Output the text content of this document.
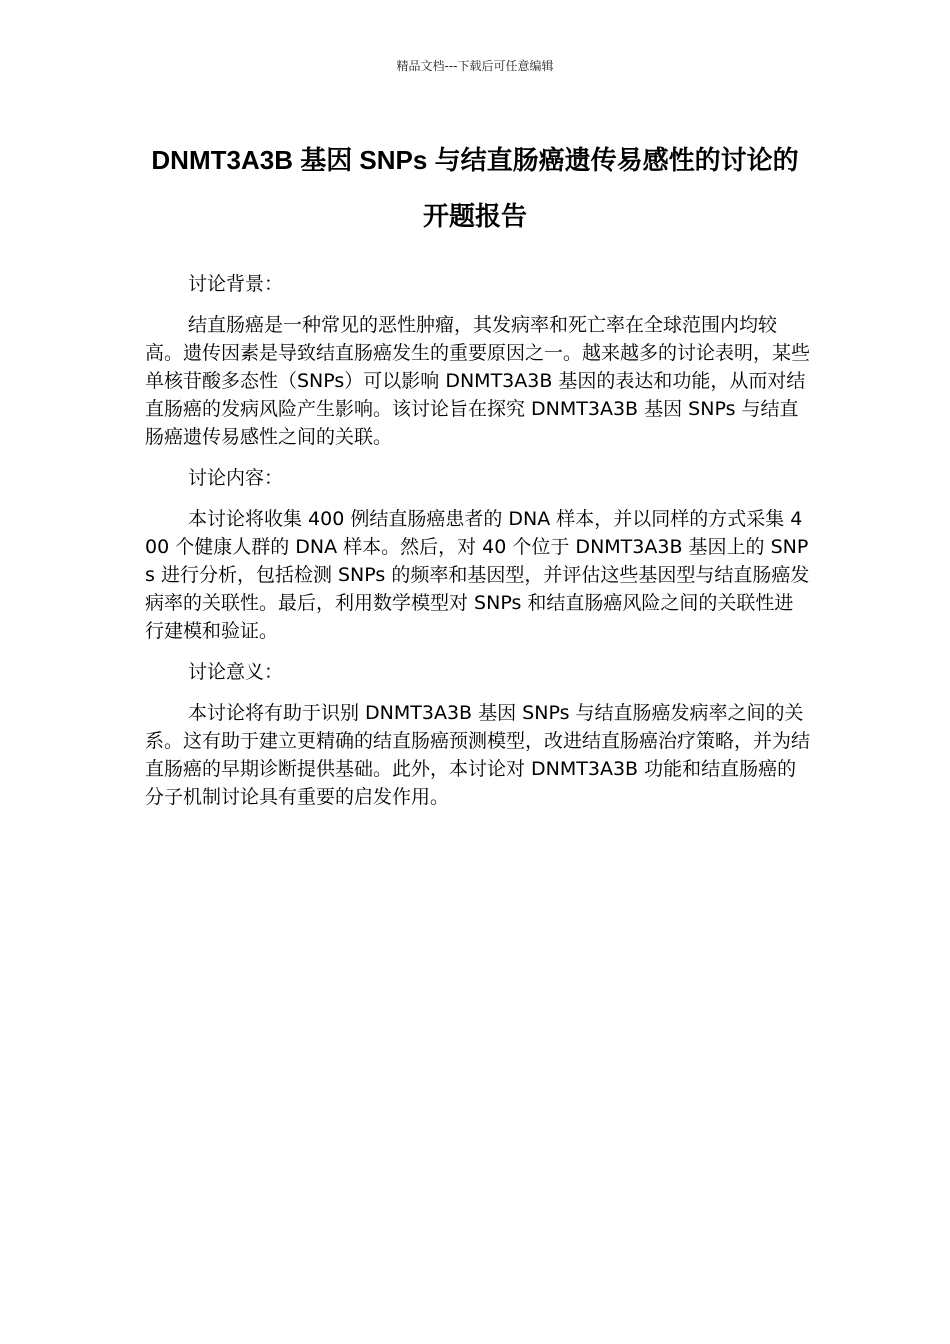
精品文档---下载后可任意编辑
DNMT3A3B 基因 SNPs 与结直肠癌遗传易感性的讨论的开题报告

讨论背景：

结直肠癌是一种常见的恶性肿瘤，其发病率和死亡率在全球范围内均较高。遗传因素是导致结直肠癌发生的重要原因之一。越来越多的讨论表明，某些单核苷酸多态性（SNPs）可以影响 DNMT3A3B 基因的表达和功能，从而对结直肠癌的发病风险产生影响。该讨论旨在探究 DNMT3A3B 基因 SNPs 与结直肠癌遗传易感性之间的关联。

讨论内容：

本讨论将收集 400 例结直肠癌患者的 DNA 样本，并以同样的方式采集 400 个健康人群的 DNA 样本。然后，对 40 个位于 DNMT3A3B 基因上的 SNPs 进行分析，包括检测 SNPs 的频率和基因型，并评估这些基因型与结直肠癌发病率的关联性。最后，利用数学模型对 SNPs 和结直肠癌风险之间的关联性进行建模和验证。

讨论意义：

本讨论将有助于识别 DNMT3A3B 基因 SNPs 与结直肠癌发病率之间的关系。这有助于建立更精确的结直肠癌预测模型，改进结直肠癌治疗策略，并为结直肠癌的早期诊断提供基础。此外，本讨论对 DNMT3A3B 功能和结直肠癌的分子机制讨论具有重要的启发作用。
